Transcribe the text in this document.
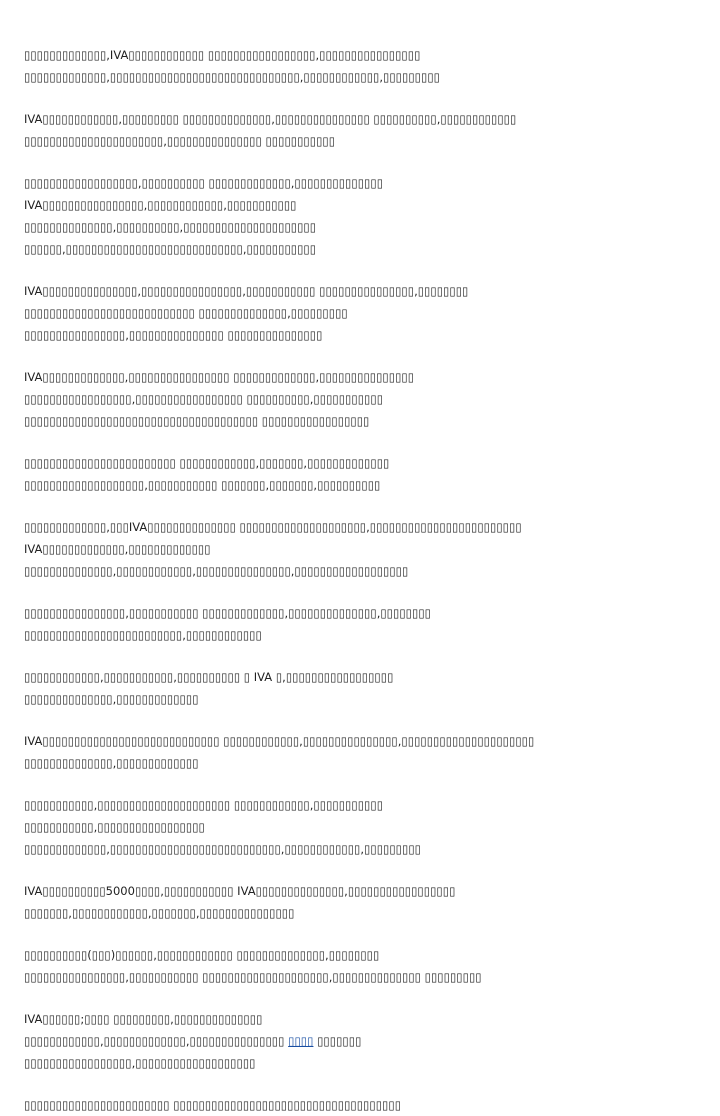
▯▯▯▯▯▯▯▯▯▯▯▯▯,IVA▯▯▯▯▯▯▯▯▯▯▯▯ ▯▯▯▯▯▯▯▯▯▯▯▯▯▯▯▯▯,▯▯▯▯▯▯▯▯▯▯▯▯▯▯▯▯
▯▯▯▯▯▯▯▯▯▯▯▯▯,▯▯▯▯▯▯▯▯▯▯▯▯▯▯▯▯▯▯▯▯▯▯▯▯▯▯▯▯▯▯,▯▯▯▯▯▯▯▯▯▯▯▯,▯▯▯▯▯▯▯▯▯
IVA▯▯▯▯▯▯▯▯▯▯▯▯,▯▯▯▯▯▯▯▯▯ ▯▯▯▯▯▯▯▯▯▯▯▯▯▯,▯▯▯▯▯▯▯▯▯▯▯▯▯▯▯ ▯▯▯▯▯▯▯▯▯▯,▯▯▯▯▯▯▯▯▯▯▯▯
▯▯▯▯▯▯▯▯▯▯▯▯▯▯▯▯▯▯▯▯▯▯,▯▯▯▯▯▯▯▯▯▯▯▯▯▯▯ ▯▯▯▯▯▯▯▯▯▯▯
▯▯▯▯▯▯▯▯▯▯▯▯▯▯▯▯▯▯,▯▯▯▯▯▯▯▯▯▯ ▯▯▯▯▯▯▯▯▯▯▯▯▯,▯▯▯▯▯▯▯▯▯▯▯▯▯▯
IVA▯▯▯▯▯▯▯▯▯▯▯▯▯▯▯▯,▯▯▯▯▯▯▯▯▯▯▯▯,▯▯▯▯▯▯▯▯▯▯▯
▯▯▯▯▯▯▯▯▯▯▯▯▯▯,▯▯▯▯▯▯▯▯▯▯,▯▯▯▯▯▯▯▯▯▯▯▯▯▯▯▯▯▯▯▯▯
▯▯▯▯▯▯,▯▯▯▯▯▯▯▯▯▯▯▯▯▯▯▯▯▯▯▯▯▯▯▯▯▯▯▯,▯▯▯▯▯▯▯▯▯▯▯
IVA▯▯▯▯▯▯▯▯▯▯▯▯▯▯▯,▯▯▯▯▯▯▯▯▯▯▯▯▯▯▯▯,▯▯▯▯▯▯▯▯▯▯▯ ▯▯▯▯▯▯▯▯▯▯▯▯▯▯▯,▯▯▯▯▯▯▯▯
▯▯▯▯▯▯▯▯▯▯▯▯▯▯▯▯▯▯▯▯▯▯▯▯▯▯▯ ▯▯▯▯▯▯▯▯▯▯▯▯▯▯,▯▯▯▯▯▯▯▯▯
▯▯▯▯▯▯▯▯▯▯▯▯▯▯▯▯,▯▯▯▯▯▯▯▯▯▯▯▯▯▯▯ ▯▯▯▯▯▯▯▯▯▯▯▯▯▯▯
IVA▯▯▯▯▯▯▯▯▯▯▯▯▯,▯▯▯▯▯▯▯▯▯▯▯▯▯▯▯▯ ▯▯▯▯▯▯▯▯▯▯▯▯▯,▯▯▯▯▯▯▯▯▯▯▯▯▯▯▯
▯▯▯▯▯▯▯▯▯▯▯▯▯▯▯▯▯,▯▯▯▯▯▯▯▯▯▯▯▯▯▯▯▯▯ ▯▯▯▯▯▯▯▯▯▯,▯▯▯▯▯▯▯▯▯▯▯
▯▯▯▯▯▯▯▯▯▯▯▯▯▯▯▯▯▯▯▯▯▯▯▯▯▯▯▯▯▯▯▯▯▯▯▯▯ ▯▯▯▯▯▯▯▯▯▯▯▯▯▯▯▯▯
▯▯▯▯▯▯▯▯▯▯▯▯▯▯▯▯▯▯▯▯▯▯▯▯ ▯▯▯▯▯▯▯▯▯▯▯▯,▯▯▯▯▯▯▯,▯▯▯▯▯▯▯▯▯▯▯▯▯
▯▯▯▯▯▯▯▯▯▯▯▯▯▯▯▯▯▯▯,▯▯▯▯▯▯▯▯▯▯▯ ▯▯▯▯▯▯▯,▯▯▯▯▯▯▯,▯▯▯▯▯▯▯▯▯▯
▯▯▯▯▯▯▯▯▯▯▯▯▯,▯▯▯IVA▯▯▯▯▯▯▯▯▯▯▯▯▯▯ ▯▯▯▯▯▯▯▯▯▯▯▯▯▯▯▯▯▯▯▯,▯▯▯▯▯▯▯▯▯▯▯▯▯▯▯▯▯▯▯▯▯▯▯▯
IVA▯▯▯▯▯▯▯▯▯▯▯▯▯,▯▯▯▯▯▯▯▯▯▯▯▯▯
▯▯▯▯▯▯▯▯▯▯▯▯▯▯,▯▯▯▯▯▯▯▯▯▯▯▯,▯▯▯▯▯▯▯▯▯▯▯▯▯▯▯,▯▯▯▯▯▯▯▯▯▯▯▯▯▯▯▯▯▯
▯▯▯▯▯▯▯▯▯▯▯▯▯▯▯▯,▯▯▯▯▯▯▯▯▯▯▯ ▯▯▯▯▯▯▯▯▯▯▯▯▯,▯▯▯▯▯▯▯▯▯▯▯▯▯▯,▯▯▯▯▯▯▯▯
▯▯▯▯▯▯▯▯▯▯▯▯▯▯▯▯▯▯▯▯▯▯▯▯▯,▯▯▯▯▯▯▯▯▯▯▯▯
▯▯▯▯▯▯▯▯▯▯▯▯,▯▯▯▯▯▯▯▯▯▯▯,▯▯▯▯▯▯▯▯▯▯ ▯ IVA ▯,▯▯▯▯▯▯▯▯▯▯▯▯▯▯▯▯▯
▯▯▯▯▯▯▯▯▯▯▯▯▯▯,▯▯▯▯▯▯▯▯▯▯▯▯▯
IVA▯▯▯▯▯▯▯▯▯▯▯▯▯▯▯▯▯▯▯▯▯▯▯▯▯▯▯▯ ▯▯▯▯▯▯▯▯▯▯▯▯,▯▯▯▯▯▯▯▯▯▯▯▯▯▯▯,▯▯▯▯▯▯▯▯▯▯▯▯▯▯▯▯▯▯▯▯▯
▯▯▯▯▯▯▯▯▯▯▯▯▯▯,▯▯▯▯▯▯▯▯▯▯▯▯▯
▯▯▯▯▯▯▯▯▯▯▯,▯▯▯▯▯▯▯▯▯▯▯▯▯▯▯▯▯▯▯▯▯ ▯▯▯▯▯▯▯▯▯▯▯▯,▯▯▯▯▯▯▯▯▯▯▯
▯▯▯▯▯▯▯▯▯▯▯,▯▯▯▯▯▯▯▯▯▯▯▯▯▯▯▯▯
▯▯▯▯▯▯▯▯▯▯▯▯▯,▯▯▯▯▯▯▯▯▯▯▯▯▯▯▯▯▯▯▯▯▯▯▯▯▯▯▯,▯▯▯▯▯▯▯▯▯▯▯▯,▯▯▯▯▯▯▯▯▯
IVA▯▯▯▯▯▯▯▯▯▯5000▯▯▯▯,▯▯▯▯▯▯▯▯▯▯▯ IVA▯▯▯▯▯▯▯▯▯▯▯▯▯▯,▯▯▯▯▯▯▯▯▯▯▯▯▯▯▯▯▯
▯▯▯▯▯▯▯,▯▯▯▯▯▯▯▯▯▯▯▯,▯▯▯▯▯▯▯,▯▯▯▯▯▯▯▯▯▯▯▯▯▯▯
▯▯▯▯▯▯▯▯▯▯(▯▯▯)▯▯▯▯▯▯,▯▯▯▯▯▯▯▯▯▯▯▯ ▯▯▯▯▯▯▯▯▯▯▯▯▯▯,▯▯▯▯▯▯▯▯
▯▯▯▯▯▯▯▯▯▯▯▯▯▯▯▯,▯▯▯▯▯▯▯▯▯▯▯ ▯▯▯▯▯▯▯▯▯▯▯▯▯▯▯▯▯▯▯▯,▯▯▯▯▯▯▯▯▯▯▯▯▯▯ ▯▯▯▯▯▯▯▯▯
IVA▯▯▯▯▯▯;▯▯▯▯ ▯▯▯▯▯▯▯▯▯,▯▯▯▯▯▯▯▯▯▯▯▯▯▯
▯▯▯▯▯▯▯▯▯▯▯▯,▯▯▯▯▯▯▯▯▯▯▯▯▯,▯▯▯▯▯▯▯▯▯▯▯▯▯▯▯ ▯▯▯▯ ▯▯▯▯▯▯▯
▯▯▯▯▯▯▯▯▯▯▯▯▯▯▯▯▯,▯▯▯▯▯▯▯▯▯▯▯▯▯▯▯▯▯▯▯
▯▯▯▯▯▯▯▯▯▯▯▯▯▯▯▯▯▯▯▯▯▯▯ ▯▯▯▯▯▯▯▯▯▯▯▯▯▯▯▯▯▯▯▯▯▯▯▯▯▯▯▯▯▯▯▯▯▯▯▯
